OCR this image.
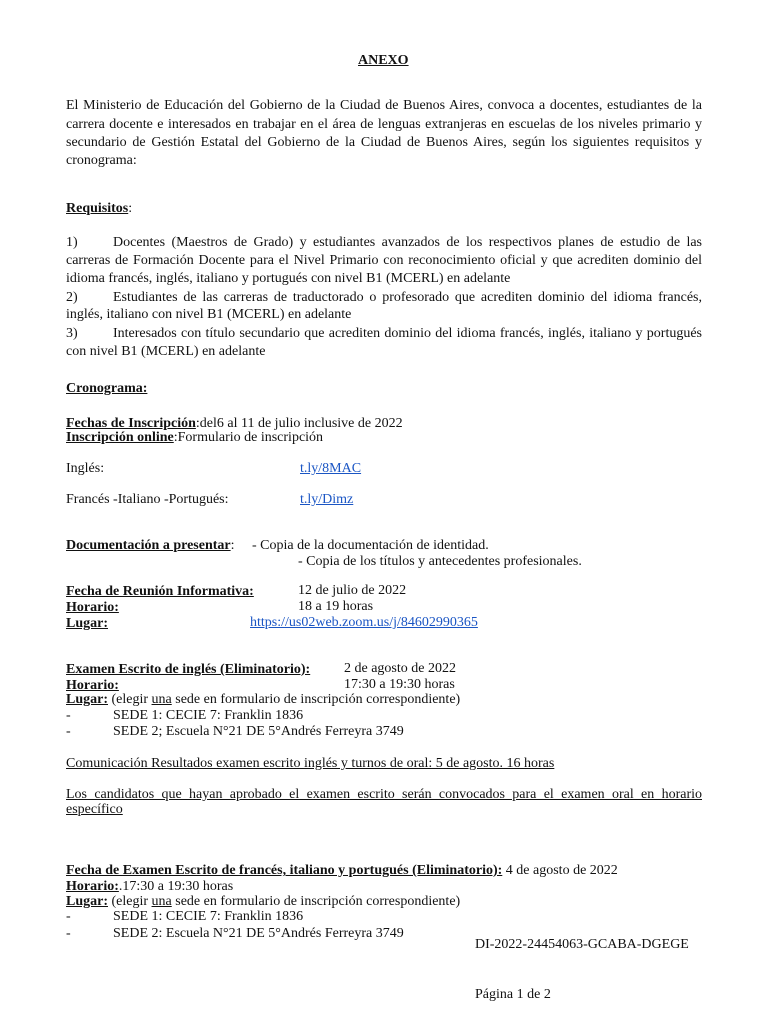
ANEXO
El Ministerio de Educación del Gobierno de la Ciudad de Buenos Aires, convoca a docentes, estudiantes de la
carrera docente e interesados en trabajar en el área de lenguas extranjeras en escuelas de los niveles primario y
secundario de Gestión Estatal del Gobierno de la Ciudad de Buenos Aires, según los siguientes requisitos y
cronograma:
Requisitos:
1)	Docentes (Maestros de Grado) y estudiantes avanzados de los respectivos planes de estudio de las
carreras de Formación Docente para el Nivel Primario con reconocimiento oficial y que acrediten dominio del
idioma francés, inglés, italiano y portugués con nivel B1 (MCERL) en adelante
2)	Estudiantes de las carreras de traductorado o profesorado que acrediten dominio del idioma francés,
inglés, italiano con nivel B1 (MCERL) en adelante
3)	Interesados con título secundario que acrediten dominio del idioma francés, inglés, italiano y portugués
con nivel B1 (MCERL) en adelante
Cronograma:
Fechas de Inscripción:del6 al 11 de julio inclusive de 2022
Inscripción online:Formulario de inscripción
Inglés:	t.ly/8MAC
Francés -Italiano -Portugués:	t.ly/Dimz
Documentación a presentar: - Copia de la documentación de identidad.
- Copia de los títulos y antecedentes profesionales.
Fecha de Reunión Informativa:	12 de julio de 2022
Horario:	18 a 19 horas
Lugar:	https://us02web.zoom.us/j/84602990365
Examen Escrito de inglés (Eliminatorio): 2 de agosto de 2022
Horario:	17:30 a 19:30 horas
Lugar: (elegir una sede en formulario de inscripción correspondiente)
-	SEDE 1: CECIE 7: Franklin 1836
-	SEDE 2; Escuela N°21 DE 5°Andrés Ferreyra 3749
Comunicación Resultados examen escrito inglés y turnos de oral: 5 de agosto. 16 horas
Los candidatos que hayan aprobado el examen escrito serán convocados para el examen oral en horario
específico
Fecha de Examen Escrito de francés, italiano y portugués (Eliminatorio): 4 de agosto de 2022
Horario:.17:30 a 19:30 horas
Lugar: (elegir una sede en formulario de inscripción correspondiente)
-	SEDE 1: CECIE 7: Franklin 1836
-	SEDE 2: Escuela N°21 DE 5°Andrés Ferreyra 3749
DI-2022-24454063-GCABA-DGEGE
Página 1 de 2
